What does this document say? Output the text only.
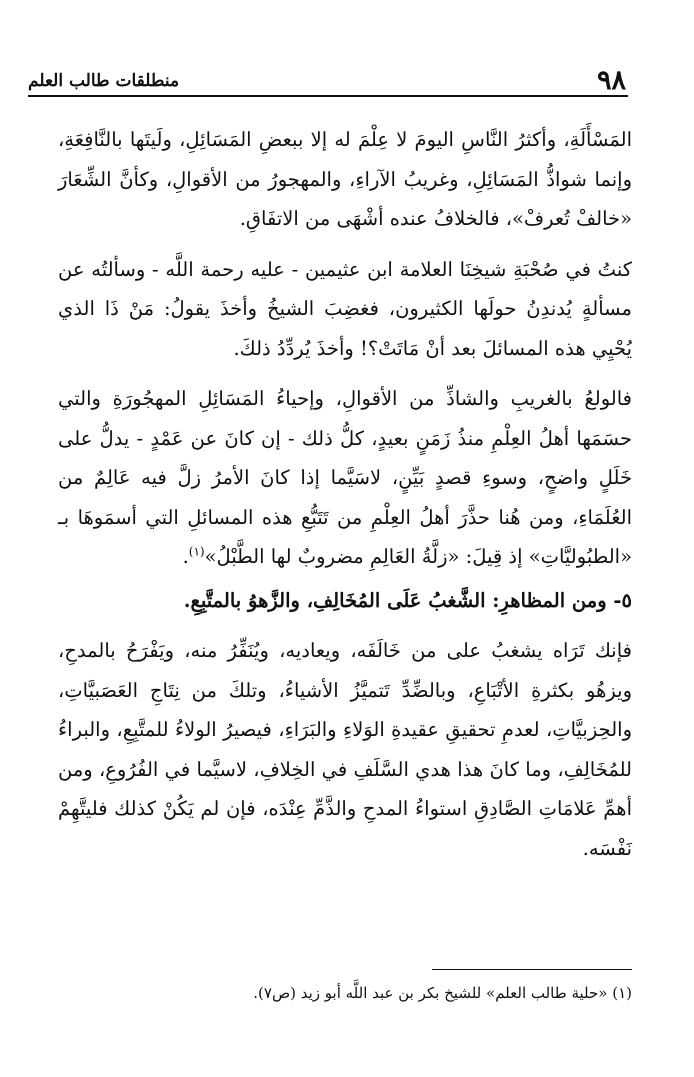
٩٨
منطلقات طالب العلم

المَسْأَلَةِ، وأكثرُ النَّاسِ اليومَ لا عِلْمَ له إلا ببعضِ المَسَائِلِ، ولَيتَها بالنَّافِعَةِ، وإنما شواذُّ المَسَائِلِ، وغريبُ الآراءِ، والمهجورُ من الأقوالِ، وكأنَّ الشِّعَارَ «خالفْ تُعرفْ»، فالخلافُ عنده أشْهَى من الاتفَاقِ.

كنتُ في صُحْبَةِ شيخِنَا العلامة ابن عثيمين - عليه رحمة اللَّه - وسألتُه عن مسألةٍ يُدندِنُ حولَها الكثيرون، فغضِبَ الشيخُ وأخذَ يقولُ: مَنْ ذَا الذي يُحْيِي هذه المسائلَ بعد أنْ مَاتَتْ؟! وأخذَ يُردِّدُ ذلكَ.

فالولعُ بالغريبِ والشاذِّ من الأقوالِ، وإحياءُ المَسَائِلِ المهجُورَةِ والتي حسَمَها أهلُ العِلْمِ منذُ زَمَنٍ بعيدٍ، كلُّ ذلك - إن كانَ عن عَمْدٍ - يدلُّ على خَلَلٍ واضحٍ، وسوءِ قصدٍ بَيِّنٍ، لاسَيَّما إذا كانَ الأمرُ زلَّ فيه عَالِمٌ من العُلَمَاءِ، ومن هُنا حذَّرَ أهلُ العِلْمِ من تَتَبُّعِ هذه المسائلِ التي أسمَوهَا بـ «الطبُوليَّاتِ» إذ قِيلَ: «زلَّةُ العَالِمِ مضروبٌ لها الطَّبْلُ»$^{(١)}$.

٥- ومن المظاهرِ: الشَّغبُ عَلَى المُخَالِفِ، والزَّهوُ بالمتَّبِعِ.

فإنك تَرَاه يشغبُ على من خَالَفَه، ويعاديه، ويُنَفِّرُ منه، ويَفْرَحُ بالمدحِ، ويزهُو بكثرةِ الأتْبَاعِ، وبالضِّدِّ تَتميَّزُ الأشياءُ، وتلكَ من نِتَاجِ العَصَبيَّاتِ، والحِزبيَّاتِ، لعدمِ تحقيقِ عقيدةِ الوَلاءِ والبَرَاءِ، فيصيرُ الولاءُ للمتَّبِعِ، والبراءُ للمُخَالِفِ، وما كانَ هذا هدي السَّلَفِ في الخِلافِ، لاسيَّما في الفُرُوعِ، ومن أهمِّ عَلامَاتِ الصَّادِقِ استواءُ المدحِ والذَّمِّ عِنْدَه، فإن لم يَكُنْ كذلك فليتَّهِمْ نَفْسَه.

(١) «حلية طالب العلم» للشيخ بكر بن عبد اللَّه أبو زيد (ص٧).
